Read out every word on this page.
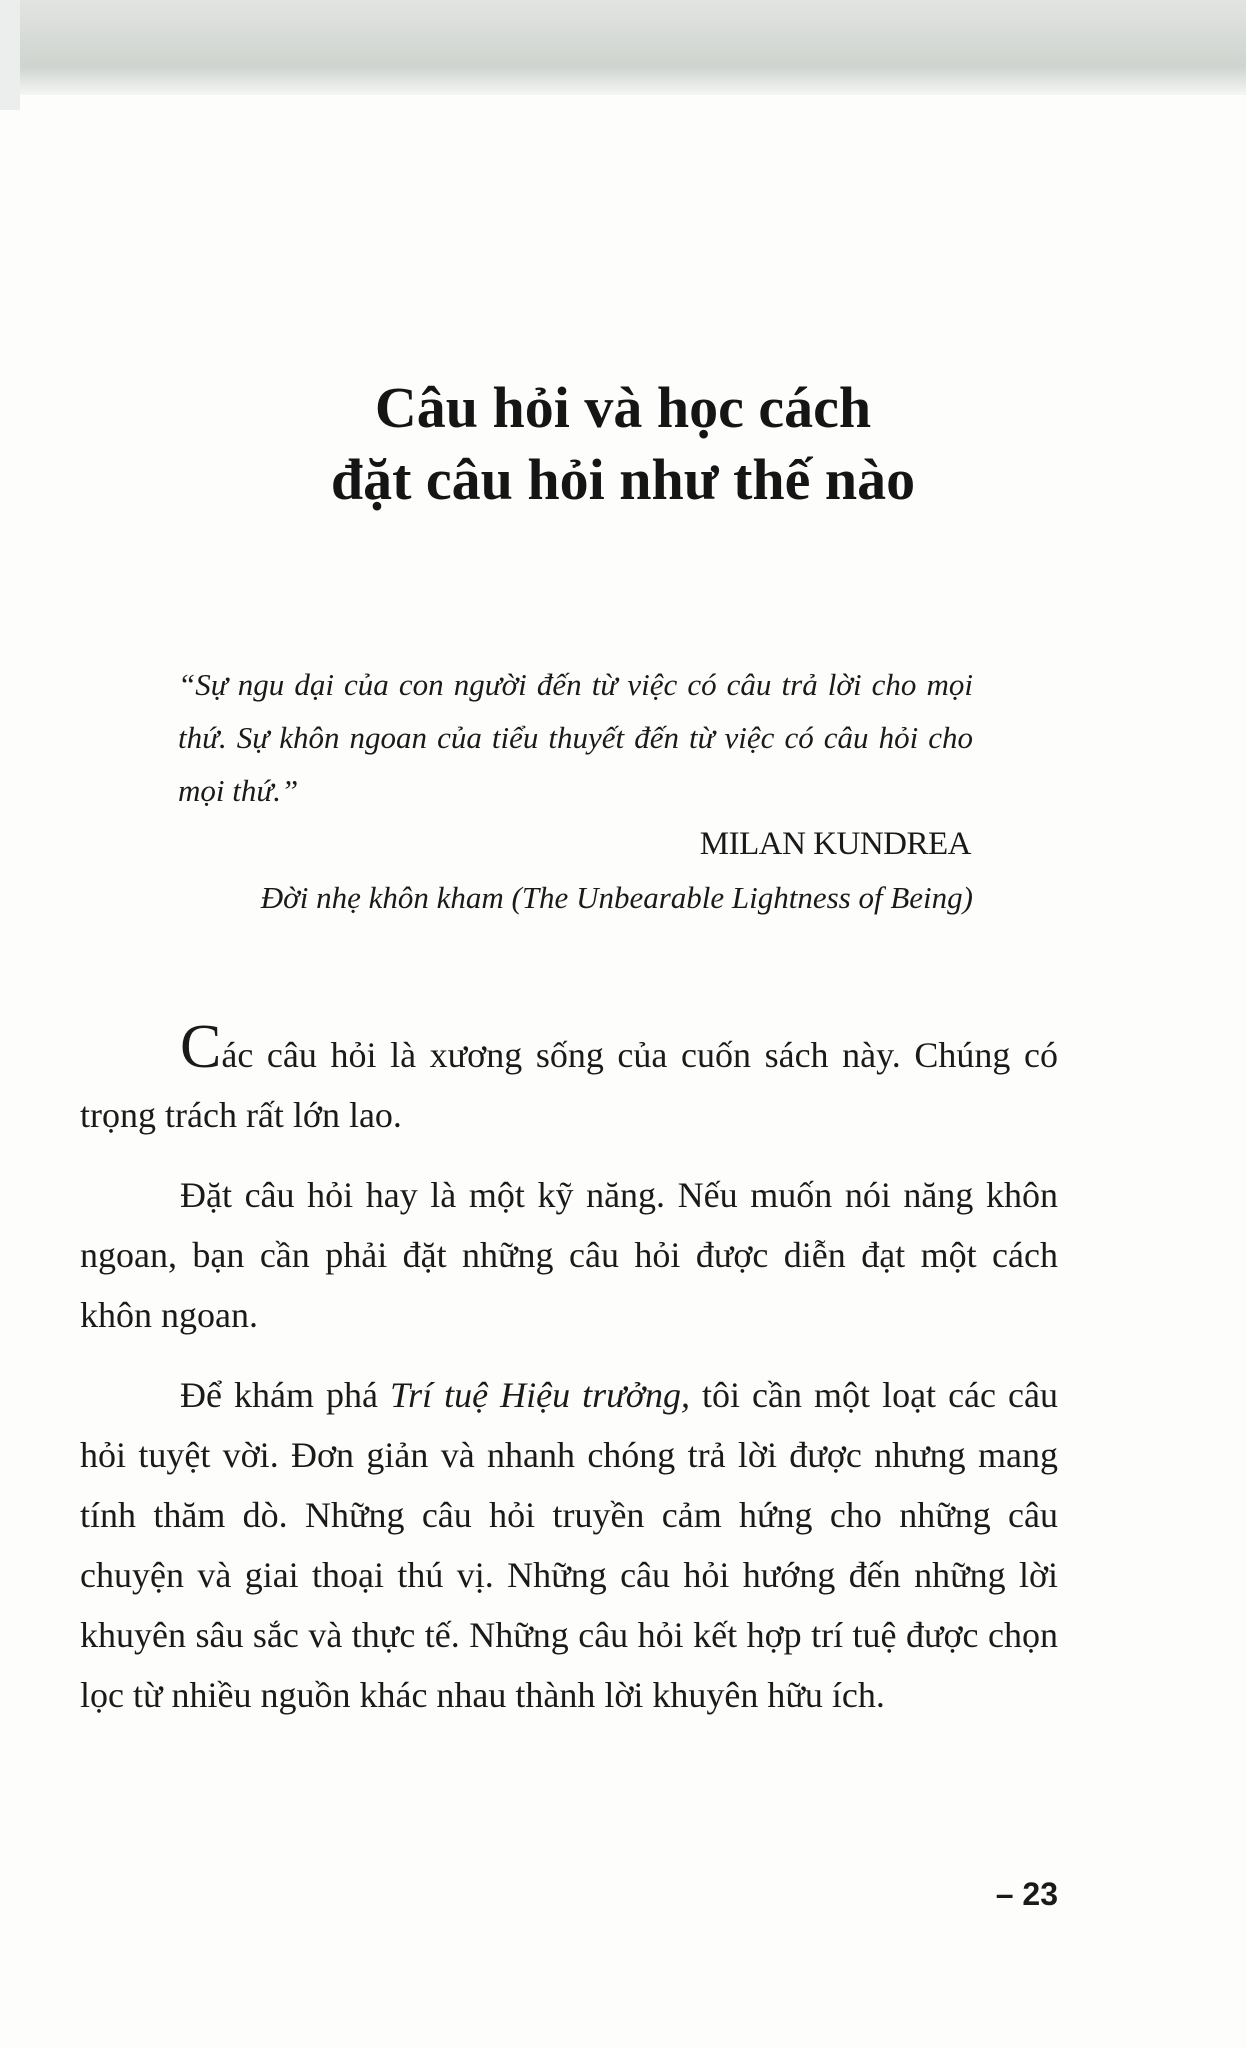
Câu hỏi và học cách
đặt câu hỏi như thế nào
“Sự ngu dại của con người đến từ việc có câu trả lời cho mọi thứ. Sự khôn ngoan của tiểu thuyết đến từ việc có câu hỏi cho mọi thứ.”
MILAN KUNDREA
Đời nhẹ khôn kham (The Unbearable Lightness of Being)

Các câu hỏi là xương sống của cuốn sách này. Chúng có trọng trách rất lớn lao.

Đặt câu hỏi hay là một kỹ năng. Nếu muốn nói năng khôn ngoan, bạn cần phải đặt những câu hỏi được diễn đạt một cách khôn ngoan.

Để khám phá Trí tuệ Hiệu trưởng, tôi cần một loạt các câu hỏi tuyệt vời. Đơn giản và nhanh chóng trả lời được nhưng mang tính thăm dò. Những câu hỏi truyền cảm hứng cho những câu chuyện và giai thoại thú vị. Những câu hỏi hướng đến những lời khuyên sâu sắc và thực tế. Những câu hỏi kết hợp trí tuệ được chọn lọc từ nhiều nguồn khác nhau thành lời khuyên hữu ích.

– 23
